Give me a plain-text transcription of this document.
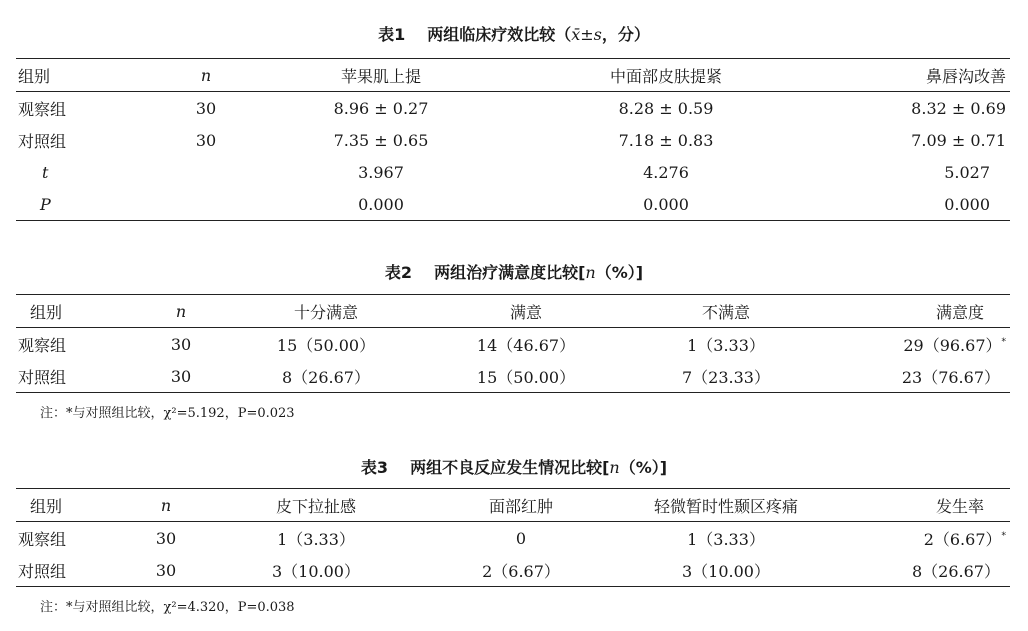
表1 两组临床疗效比较（x̄±s，分）
组别	n	苹果肌上提	中面部皮肤提紧	鼻唇沟改善
观察组	30	8.96 ± 0.27	8.28 ± 0.59	8.32 ± 0.69
对照组	30	7.35 ± 0.65	7.18 ± 0.83	7.09 ± 0.71
t		3.967	4.276	5.027
P		0.000	0.000	0.000
表2 两组治疗满意度比较[n（%）]
组别	n	十分满意	满意	不满意	满意度
观察组	30	15（50.00）	14（46.67）	1（3.33）	29（96.67）*
对照组	30	8（26.67）	15（50.00）	7（23.33）	23（76.67）
注：*与对照组比较，χ²=5.192，P=0.023
表3 两组不良反应发生情况比较[n（%）]
组别	n	皮下拉扯感	面部红肿	轻微暂时性颞区疼痛	发生率
观察组	30	1（3.33）	0	1（3.33）	2（6.67）*
对照组	30	3（10.00）	2（6.67）	3（10.00）	8（26.67）
注：*与对照组比较，χ²=4.320，P=0.038
